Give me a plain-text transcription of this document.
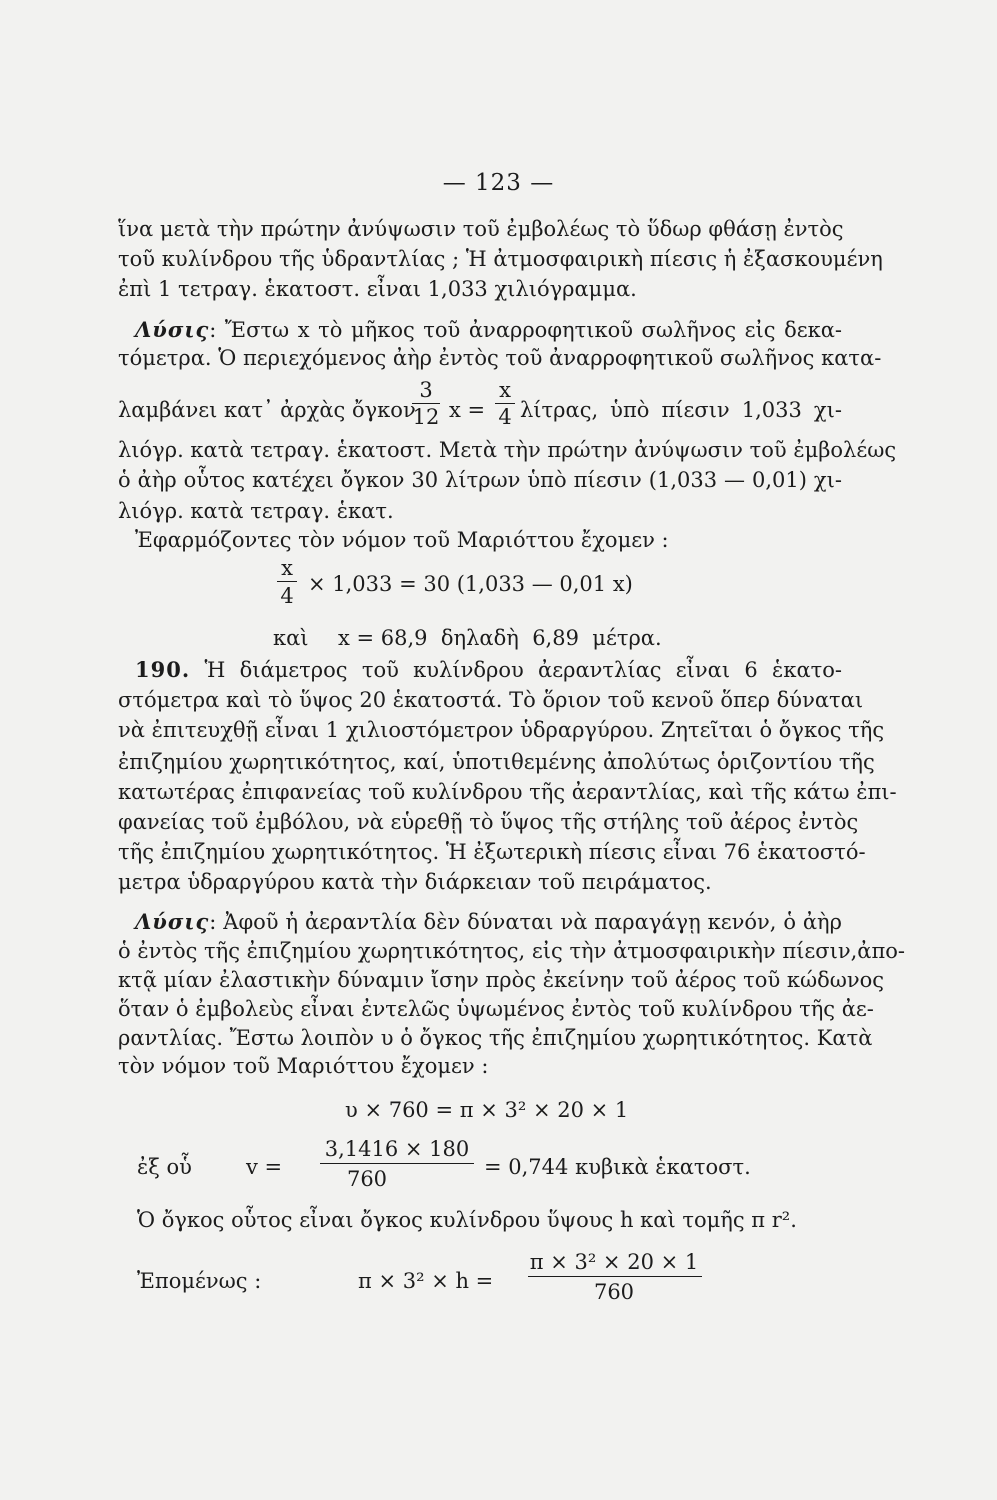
— 123 —
ἵνα μετὰ τὴν πρώτην ἀνύψωσιν τοῦ ἐμβολέως τὸ ὕδωρ φθάσῃ ἐντὸς
τοῦ κυλίνδρου τῆς ὑδραντλίας ; Ἡ ἀτμοσφαιρικὴ πίεσις ἡ ἐξασκουμένη
ἐπὶ 1 τετραγ. ἑκατοστ. εἶναι 1,033 χιλιόγραμμα.
Λύσις: Ἔστω x τὸ μῆκος τοῦ ἀναρροφητικοῦ σωλῆνος εἰς δεκα-
τόμετρα. Ὁ περιεχόμενος ἀὴρ ἐντὸς τοῦ ἀναρροφητικοῦ σωλῆνος κατα-
λαμβάνει κατ᾽ ἀρχὰς ὄγκον
3
12 x =
x
4 λίτρας, ὑπὸ πίεσιν 1,033 χι-
λιόγρ. κατὰ τετραγ. ἑκατοστ. Μετὰ τὴν πρώτην ἀνύψωσιν τοῦ ἐμβολέως
ὁ ἀὴρ οὗτος κατέχει ὄγκον 30 λίτρων ὑπὸ πίεσιν (1,033 — 0,01) χι-
λιόγρ. κατὰ τετραγ. ἑκατ.
Ἐφαρμόζοντες τὸν νόμον τοῦ Μαριόττου ἔχομεν :
x
4 × 1,033 = 30 (1,033 — 0,01 x)
καὶ x = 68,9  δηλαδὴ  6,89  μέτρα.
190. Ἡ διάμετρος τοῦ κυλίνδρου ἀεραντλίας εἶναι 6 ἑκατο-
στόμετρα καὶ τὸ ὕψος 20 ἑκατοστά. Τὸ ὅριον τοῦ κενοῦ ὅπερ δύναται
νὰ ἐπιτευχθῇ εἶναι 1 χιλιοστόμετρον ὑδραργύρου. Ζητεῖται ὁ ὄγκος τῆς
ἐπιζημίου χωρητικότητος, καί, ὑποτιθεμένης ἀπολύτως ὁριζοντίου τῆς
κατωτέρας ἐπιφανείας τοῦ κυλίνδρου τῆς ἀεραντλίας, καὶ τῆς κάτω ἐπι-
φανείας τοῦ ἐμβόλου, νὰ εὑρεθῇ τὸ ὕψος τῆς στήλης τοῦ ἀέρος ἐντὸς
τῆς ἐπιζημίου χωρητικότητος. Ἡ ἐξωτερικὴ πίεσις εἶναι 76 ἑκατοστό-
μετρα ὑδραργύρου κατὰ τὴν διάρκειαν τοῦ πειράματος.
Λύσις: Ἀφοῦ ἡ ἀεραντλία δὲν δύναται νὰ παραγάγῃ κενόν, ὁ ἀὴρ
ὁ ἐντὸς τῆς ἐπιζημίου χωρητικότητος, εἰς τὴν ἀτμοσφαιρικὴν πίεσιν,ἀπο-
κτᾷ μίαν ἐλαστικὴν δύναμιν ἴσην πρὸς ἐκείνην τοῦ ἀέρος τοῦ κώδωνος
ὅταν ὁ ἐμβολεὺς εἶναι ἐντελῶς ὑψωμένος ἐντὸς τοῦ κυλίνδρου τῆς ἀε-
ραντλίας. Ἔστω λοιπὸν υ ὁ ὄγκος τῆς ἐπιζημίου χωρητικότητος. Κατὰ
τὸν νόμον τοῦ Μαριόττου ἔχομεν :
υ × 760 = π × 3² × 20 × 1
ἐξ οὗ	v =
3,1416 × 180
760	= 0,744 κυβικὰ ἑκατοστ.
Ὁ ὄγκος οὗτος εἶναι ὄγκος κυλίνδρου ὕψους h καὶ τομῆς π r².
Ἐπομένως :	π × 3² × h =
π × 3² × 20 × 1
760
